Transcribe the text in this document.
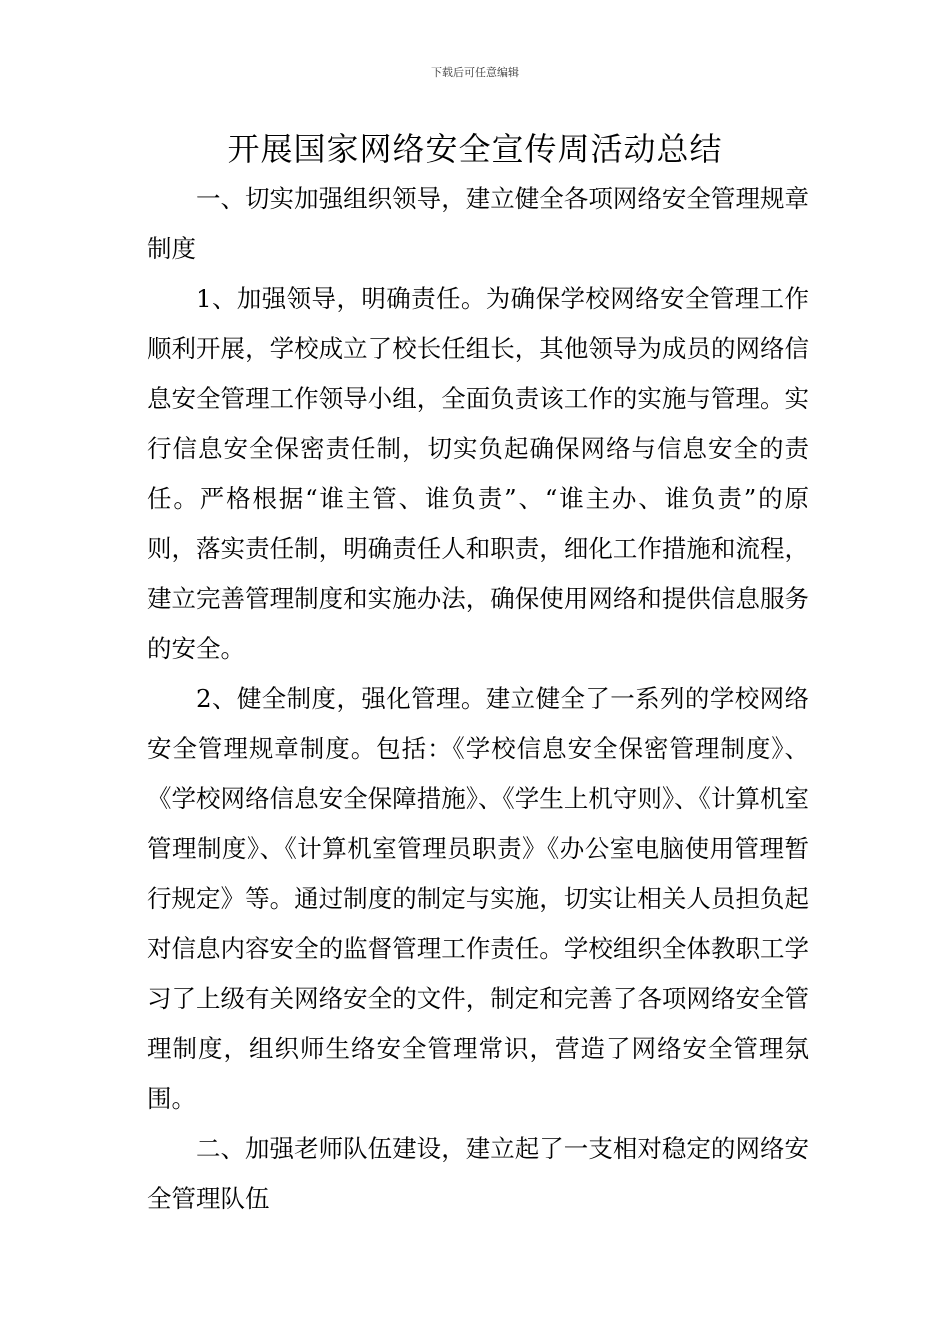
下载后可任意编辑
开展国家网络安全宣传周活动总结

一、切实加强组织领导，建立健全各项网络安全管理规章制度

1、加强领导，明确责任。为确保学校网络安全管理工作顺利开展，学校成立了校长任组长，其他领导为成员的网络信息安全管理工作领导小组，全面负责该工作的实施与管理。实行信息安全保密责任制，切实负起确保网络与信息安全的责任。严格根据“谁主管、谁负责”、“谁主办、谁负责”的原则，落实责任制，明确责任人和职责，细化工作措施和流程，建立完善管理制度和实施办法，确保使用网络和提供信息服务的安全。

2、健全制度，强化管理。建立健全了一系列的学校网络安全管理规章制度。包括：《学校信息安全保密管理制度》、《学校网络信息安全保障措施》、《学生上机守则》、《计算机室管理制度》、《计算机室管理员职责》《办公室电脑使用管理暂行规定》等。通过制度的制定与实施，切实让相关人员担负起对信息内容安全的监督管理工作责任。学校组织全体教职工学习了上级有关网络安全的文件，制定和完善了各项网络安全管理制度，组织师生络安全管理常识，营造了网络安全管理氛围。

二、加强老师队伍建设，建立起了一支相对稳定的网络安全管理队伍
